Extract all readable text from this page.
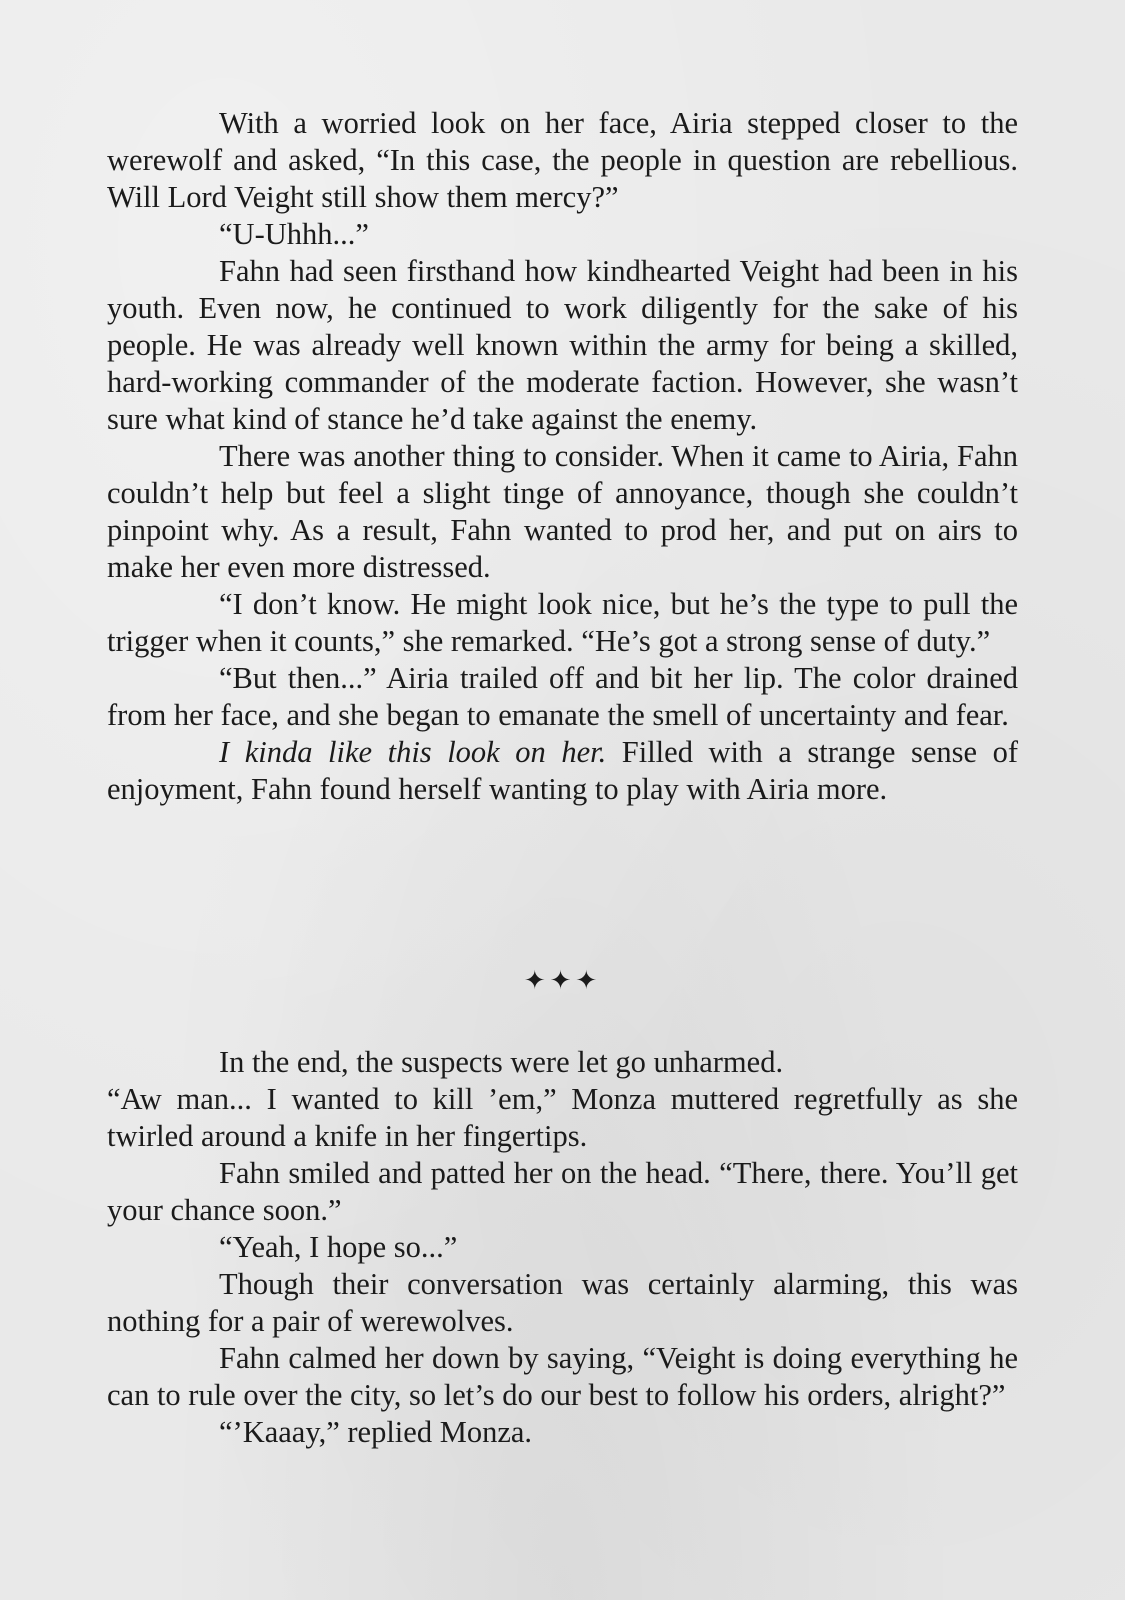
With a worried look on her face, Airia stepped closer to the werewolf and asked, “In this case, the people in question are rebellious. Will Lord Veight still show them mercy?”

“U-Uhhh...”

Fahn had seen firsthand how kindhearted Veight had been in his youth. Even now, he continued to work diligently for the sake of his people. He was already well known within the army for being a skilled, hard-working commander of the moderate faction. However, she wasn’t sure what kind of stance he’d take against the enemy.

There was another thing to consider. When it came to Airia, Fahn couldn’t help but feel a slight tinge of annoyance, though she couldn’t pinpoint why. As a result, Fahn wanted to prod her, and put on airs to make her even more distressed.

“I don’t know. He might look nice, but he’s the type to pull the trigger when it counts,” she remarked. “He’s got a strong sense of duty.”

“But then...” Airia trailed off and bit her lip. The color drained from her face, and she began to emanate the smell of uncertainty and fear.

I kinda like this look on her. Filled with a strange sense of enjoyment, Fahn found herself wanting to play with Airia more.

✦✦✦

In the end, the suspects were let go unharmed.

“Aw man... I wanted to kill ’em,” Monza muttered regretfully as she twirled around a knife in her fingertips.

Fahn smiled and patted her on the head. “There, there. You’ll get your chance soon.”

“Yeah, I hope so...”

Though their conversation was certainly alarming, this was nothing for a pair of werewolves.

Fahn calmed her down by saying, “Veight is doing everything he can to rule over the city, so let’s do our best to follow his orders, alright?”

“’Kaaay,” replied Monza.
